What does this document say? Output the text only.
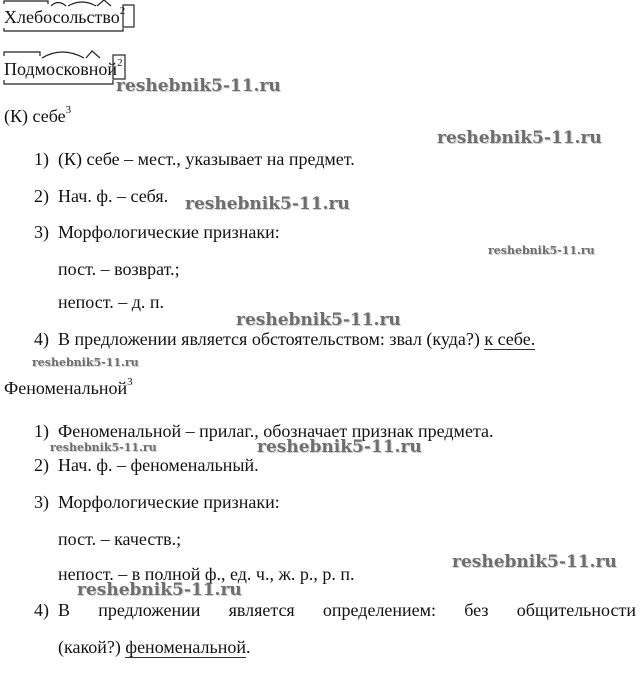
Хлебосольство$^2$
Подмосковной$^2$
(К) себе$^3$
1) (К) себе – мест., указывает на предмет.
2) Нач. ф. – себя.
3) Морфологические признаки:
пост. – возврат.;
непост. – д. п.
4) В предложении является обстоятельством: звал (куда?) к себе.
Феноменальной$^3$
1) Феноменальной – прилаг., обозначает признак предмета.
2) Нач. ф. – феноменальный.
3) Морфологические признаки:
пост. – качеств.;
непост. – в полной ф., ед. ч., ж. р., р. п.
4) В предложении является определением: без общительности
(какой?) феноменальной.
reshebnik5-11.ru
reshebnik5-11.ru
reshebnik5-11.ru
reshebnik5-11.ru
reshebnik5-11.ru
reshebnik5-11.ru
reshebnik5-11.ru	reshebnik5-11.ru
reshebnik5-11.ru
reshebnik5-11.ru
